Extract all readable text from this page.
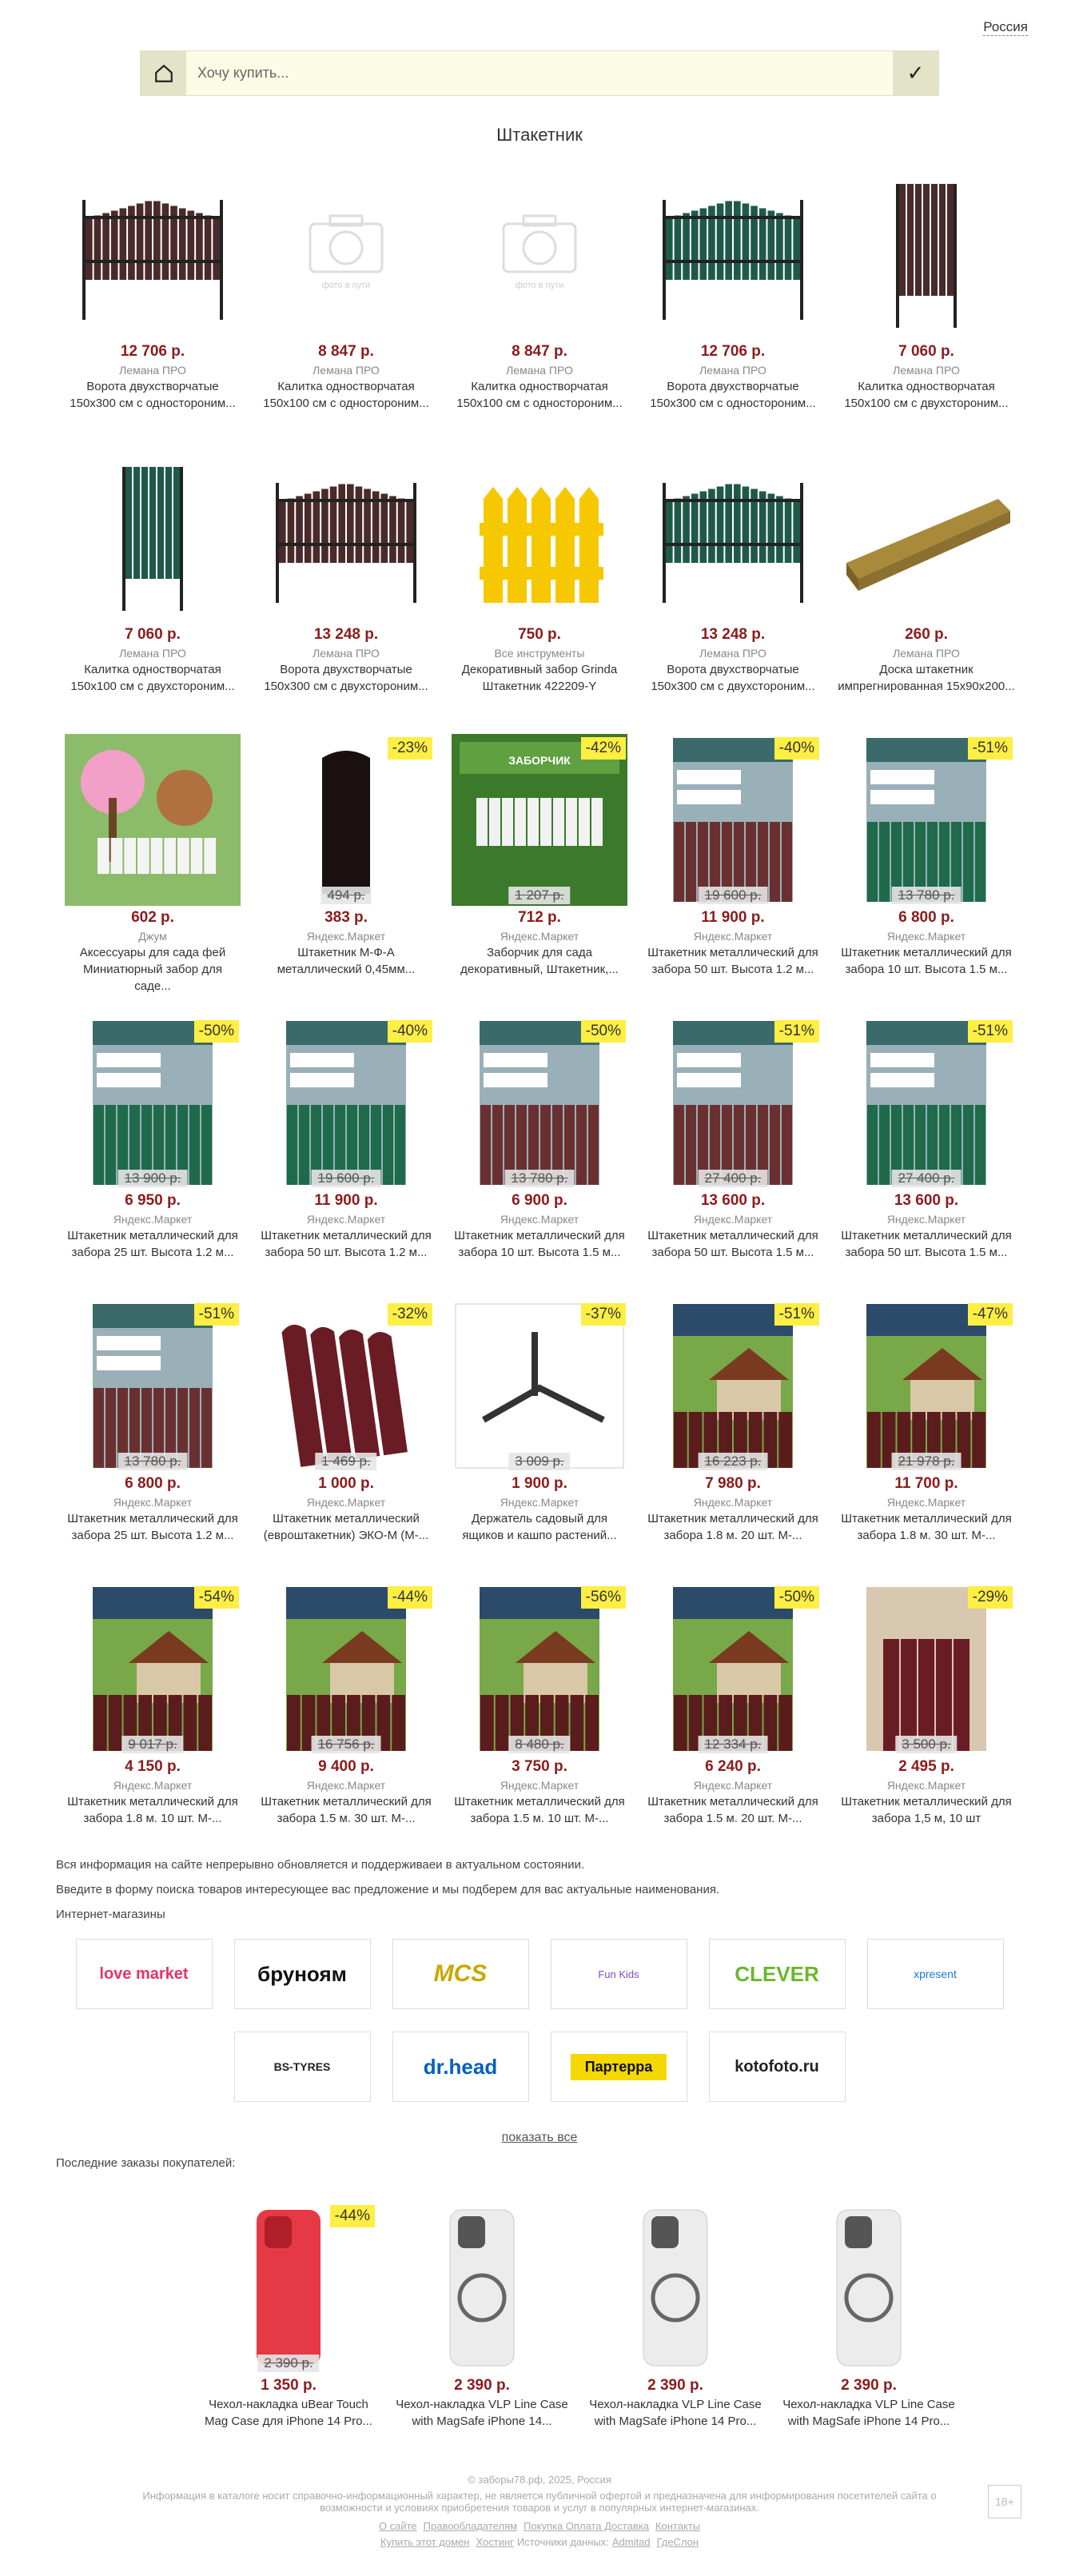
Россия
Хочу купить...
✓
Штакетник
12 706 р.
Лемана ПРО
Ворота двухстворчатые 150х300 см с одностороним...
фото в пути
8 847 р.
Лемана ПРО
Калитка одностворчатая 150х100 см с одностороним...
фото в пути
8 847 р.
Лемана ПРО
Калитка одностворчатая 150х100 см с одностороним...
12 706 р.
Лемана ПРО
Ворота двухстворчатые 150х300 см с одностороним...
7 060 р.
Лемана ПРО
Калитка одностворчатая 150х100 см с двухстороним...
7 060 р.
Лемана ПРО
Калитка одностворчатая 150х100 см с двухстороним...
13 248 р.
Лемана ПРО
Ворота двухстворчатые 150х300 см с двухстороним...
750 р.
Все инструменты
Декоративный забор Grinda Штакетник 422209-Y
13 248 р.
Лемана ПРО
Ворота двухстворчатые 150х300 см с двухстороним...
260 р.
Лемана ПРО
Доска штакетник импрегнированная 15х90х200...
602 р.
Джум
Аксессуары для сада фей Миниатюрный забор для саде...
-23%
494 р.
383 р.
Яндекс.Маркет
Штакетник М-Ф-А металлический 0,45мм...
ЗАБОРЧИК
-42%
1 207 р.
712 р.
Яндекс.Маркет
Заборчик для сада декоративный, Штакетник,...
-40%
19 600 р.
11 900 р.
Яндекс.Маркет
Штакетник металлический для забора 50 шт. Высота 1.2 м...
-51%
13 780 р.
6 800 р.
Яндекс.Маркет
Штакетник металлический для забора 10 шт. Высота 1.5 м...
-50%
13 900 р.
6 950 р.
Яндекс.Маркет
Штакетник металлический для забора 25 шт. Высота 1.2 м...
-40%
19 600 р.
11 900 р.
Яндекс.Маркет
Штакетник металлический для забора 50 шт. Высота 1.2 м...
-50%
13 780 р.
6 900 р.
Яндекс.Маркет
Штакетник металлический для забора 10 шт. Высота 1.5 м...
-51%
27 400 р.
13 600 р.
Яндекс.Маркет
Штакетник металлический для забора 50 шт. Высота 1.5 м...
-51%
27 400 р.
13 600 р.
Яндекс.Маркет
Штакетник металлический для забора 50 шт. Высота 1.5 м...
-51%
13 780 р.
6 800 р.
Яндекс.Маркет
Штакетник металлический для забора 25 шт. Высота 1.2 м...
-32%
1 469 р.
1 000 р.
Яндекс.Маркет
Штакетник металлический (евроштакетник) ЭКО-М (М-...
-37%
3 009 р.
1 900 р.
Яндекс.Маркет
Держатель садовый для ящиков и кашпо растений...
-51%
16 223 р.
7 980 р.
Яндекс.Маркет
Штакетник металлический для забора 1.8 м. 20 шт. М-...
-47%
21 978 р.
11 700 р.
Яндекс.Маркет
Штакетник металлический для забора 1.8 м. 30 шт. М-...
-54%
9 017 р.
4 150 р.
Яндекс.Маркет
Штакетник металлический для забора 1.8 м. 10 шт. М-...
-44%
16 756 р.
9 400 р.
Яндекс.Маркет
Штакетник металлический для забора 1.5 м. 30 шт. М-...
-56%
8 480 р.
3 750 р.
Яндекс.Маркет
Штакетник металлический для забора 1.5 м. 10 шт. М-...
-50%
12 334 р.
6 240 р.
Яндекс.Маркет
Штакетник металлический для забора 1.5 м. 20 шт. М-...
-29%
3 500 р.
2 495 р.
Яндекс.Маркет
Штакетник металлический для забора 1,5 м, 10 шт
Вся информация на сайте непрерывно обновляется и поддерживаеи в актуальном состоянии.
Введите в форму поиска товаров интересующее вас предложение и мы подберем для вас актуальные наименования.
Интернет-магазины
love market	бруноям	MCS	Fun Kids	CLEVER	xpresent
BS-TYRES	dr.head	Партерра	kotofoto.ru
показать все
Последние заказы покупателей:
-44%
2 390 р.
1 350 р.
Чехол-накладка uBear Touch Mag Case для iPhone 14 Pro...
2 390 р.
Чехол-накладка VLP Line Case with MagSafe iPhone 14...
2 390 р.
Чехол-накладка VLP Line Case with MagSafe iPhone 14 Pro...
2 390 р.
Чехол-накладка VLP Line Case with MagSafe iPhone 14 Pro...
© заборы78.рф, 2025, Россия
Информация в каталоге носит справочно-информационный характер, не является публичной офертой и предназначена для информирования посетителей сайта о возможности и условиях приобретения товаров и услуг в популярных интернет-магазинах.
О сайте Правообладателям Покупка Оплата Доставка Контакты
Купить этот домен Хостинг Источники данных: Admitad ГдеСлон
18+
